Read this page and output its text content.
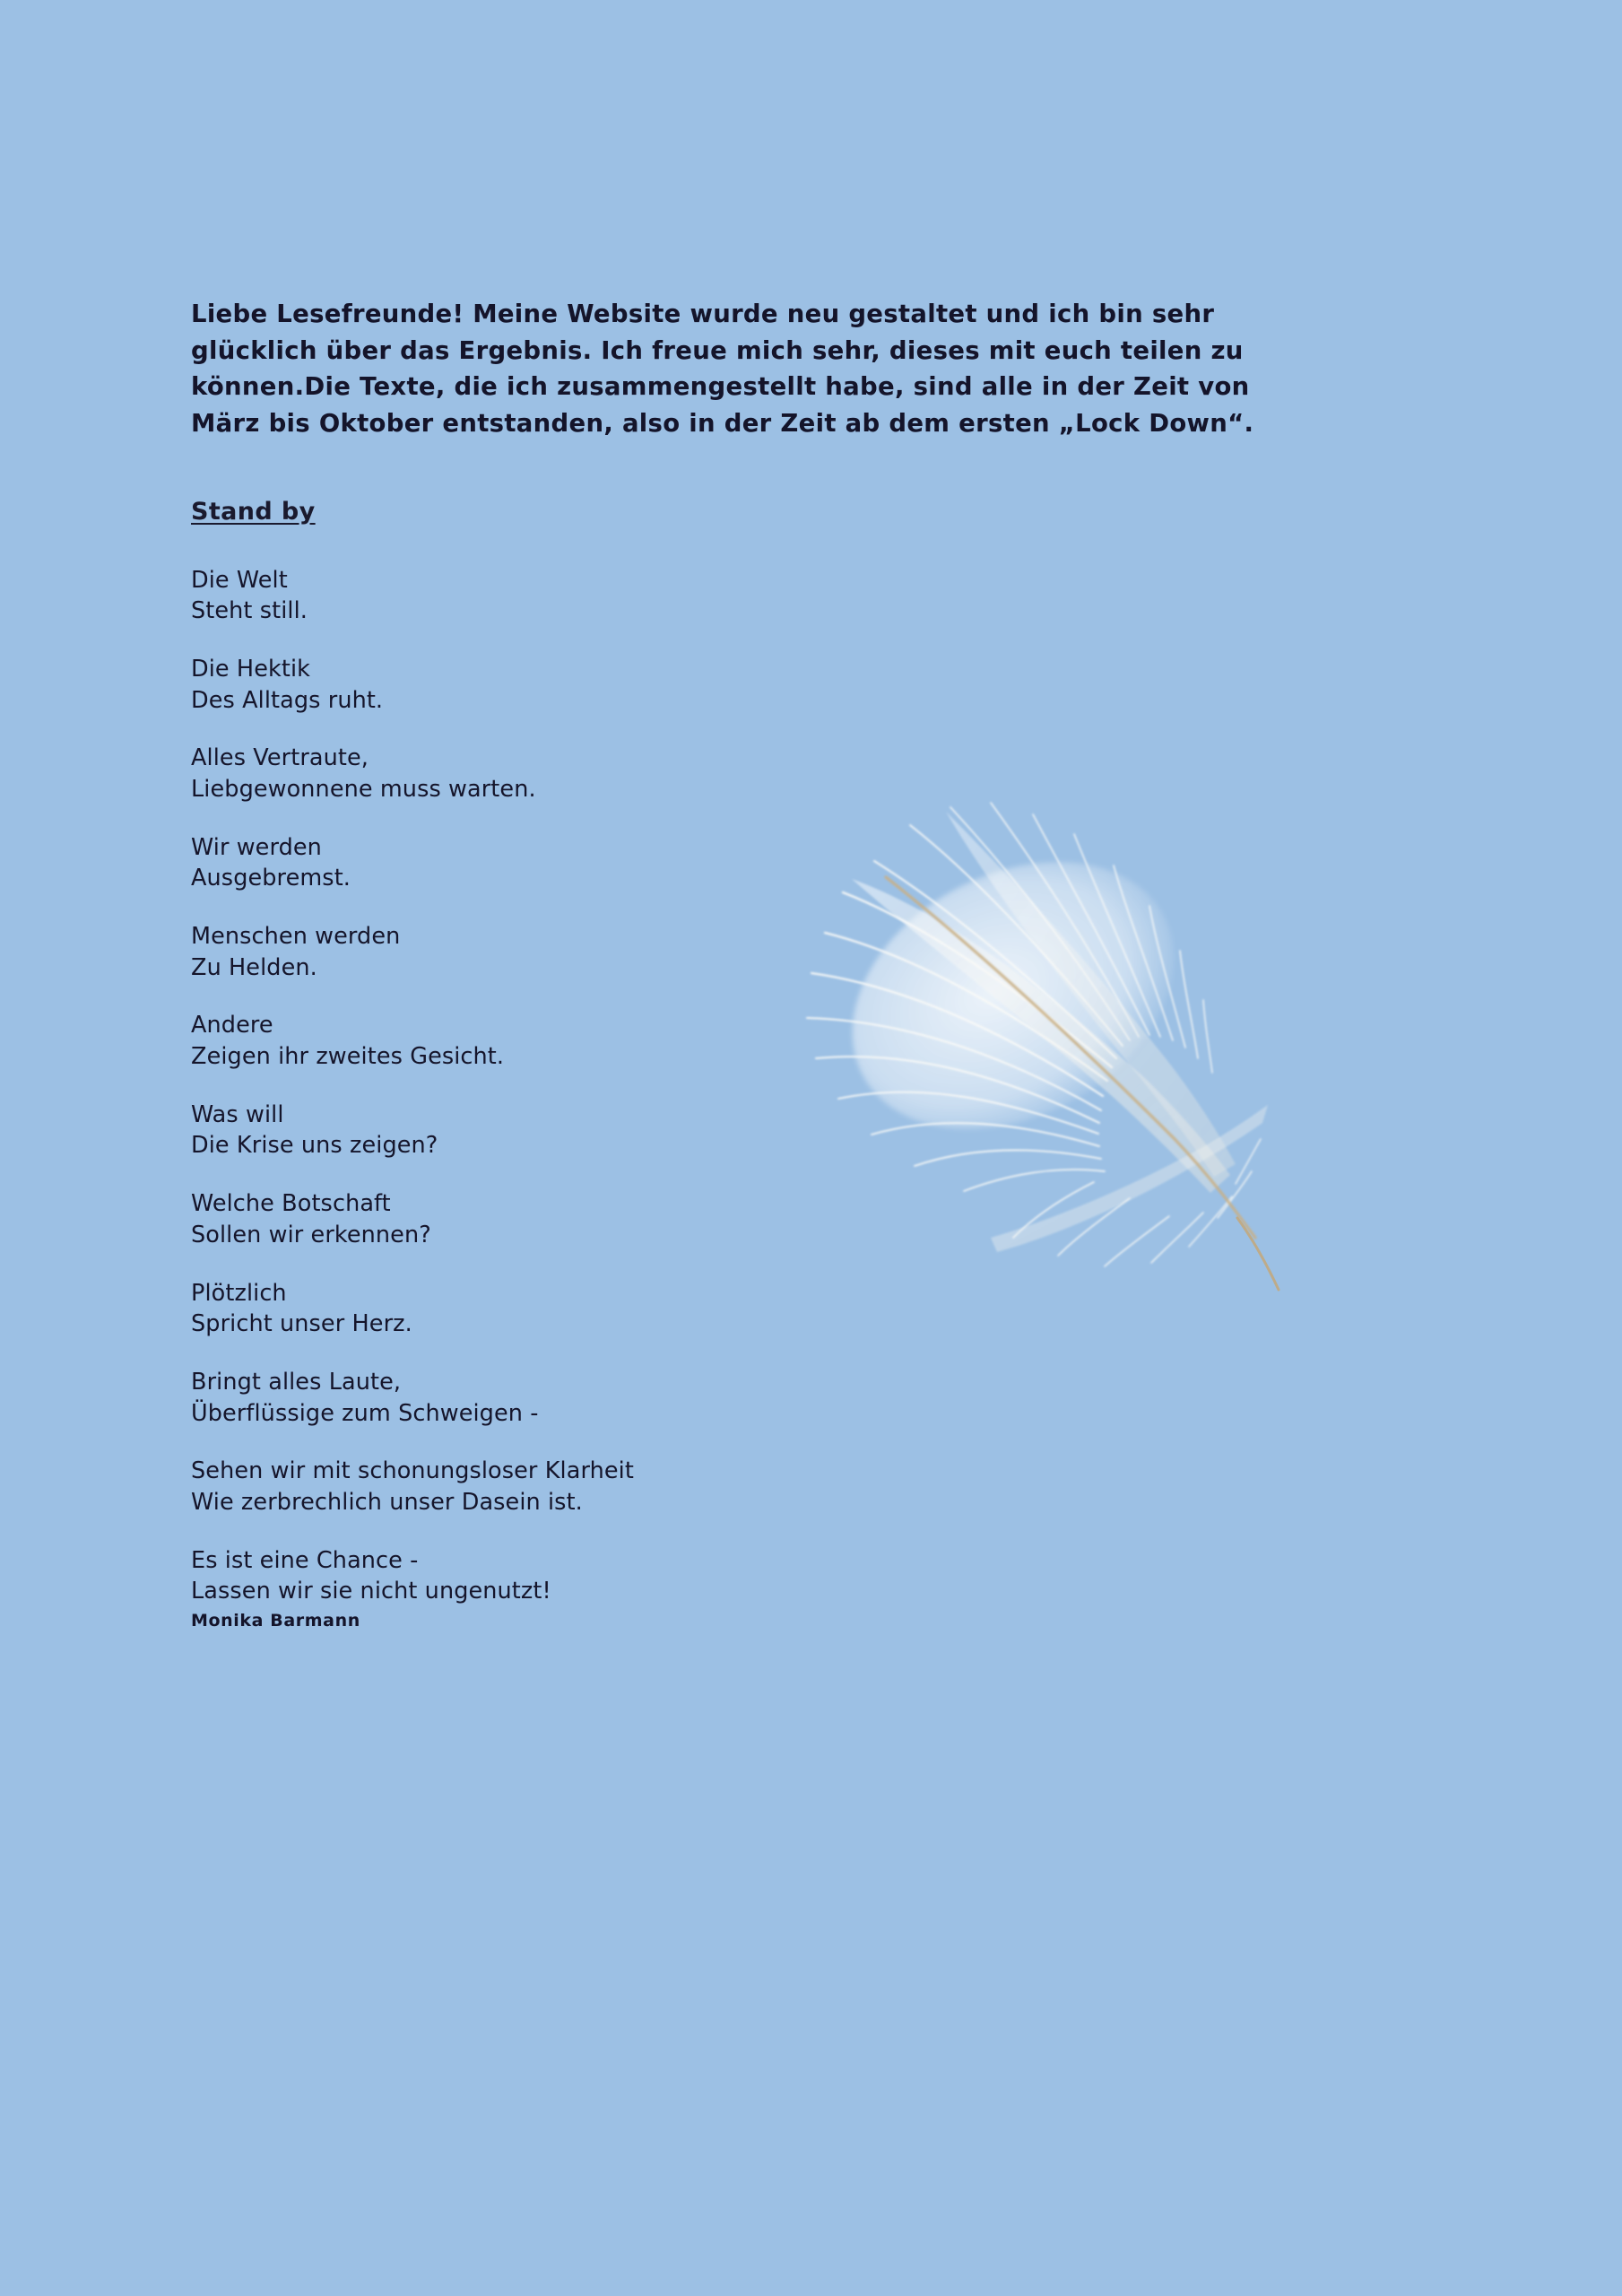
Liebe Lesefreunde! Meine Website wurde neu gestaltet und ich bin sehr
glücklich über das Ergebnis. Ich freue mich sehr, dieses mit euch teilen zu
können.Die Texte, die ich zusammengestellt habe, sind alle in der Zeit von
März bis Oktober entstanden, also in der Zeit ab dem ersten „Lock Down“.
Stand by
Die Welt
Steht still.
Die Hektik
Des Alltags ruht.
Alles Vertraute,
Liebgewonnene muss warten.
Wir werden
Ausgebremst.
Menschen werden
Zu Helden.
Andere
Zeigen ihr zweites Gesicht.
Was will
Die Krise uns zeigen?
Welche Botschaft
Sollen wir erkennen?
Plötzlich
Spricht unser Herz.
Bringt alles Laute,
Überflüssige zum Schweigen -
Sehen wir mit schonungsloser Klarheit
Wie zerbrechlich unser Dasein ist.
Es ist eine Chance -
Lassen wir sie nicht ungenutzt!
Monika Barmann
